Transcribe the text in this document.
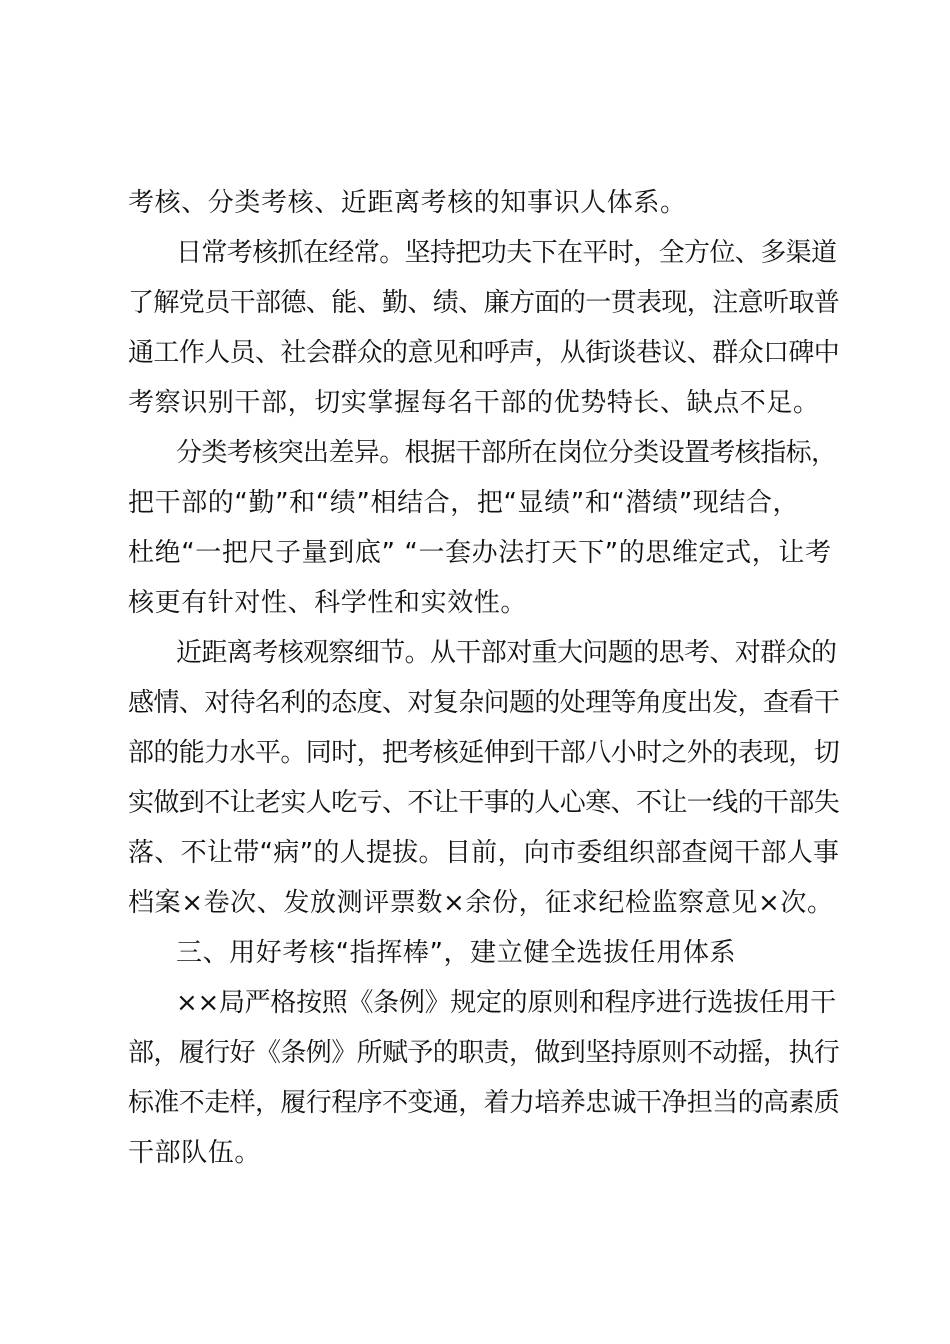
考核、分类考核、近距离考核的知事识人体系。
日常考核抓在经常。坚持把功夫下在平时，全方位、多渠道
了解党员干部德、能、勤、绩、廉方面的一贯表现，注意听取普
通工作人员、社会群众的意见和呼声，从街谈巷议、群众口碑中
考察识别干部，切实掌握每名干部的优势特长、缺点不足。
分类考核突出差异。根据干部所在岗位分类设置考核指标，
把干部的“勤”和“绩”相结合，把“显绩”和“潜绩”现结合，
杜绝“一把尺子量到底” “一套办法打天下”的思维定式，让考
核更有针对性、科学性和实效性。
近距离考核观察细节。从干部对重大问题的思考、对群众的
感情、对待名利的态度、对复杂问题的处理等角度出发，查看干
部的能力水平。同时，把考核延伸到干部八小时之外的表现，切
实做到不让老实人吃亏、不让干事的人心寒、不让一线的干部失
落、不让带“病”的人提拔。目前，向市委组织部查阅干部人事
档案×卷次、发放测评票数×余份，征求纪检监察意见×次。
三、用好考核“指挥棒”，建立健全选拔任用体系
××局严格按照《条例》规定的原则和程序进行选拔任用干
部，履行好《条例》所赋予的职责，做到坚持原则不动摇，执行
标准不走样，履行程序不变通，着力培养忠诚干净担当的高素质
干部队伍。
